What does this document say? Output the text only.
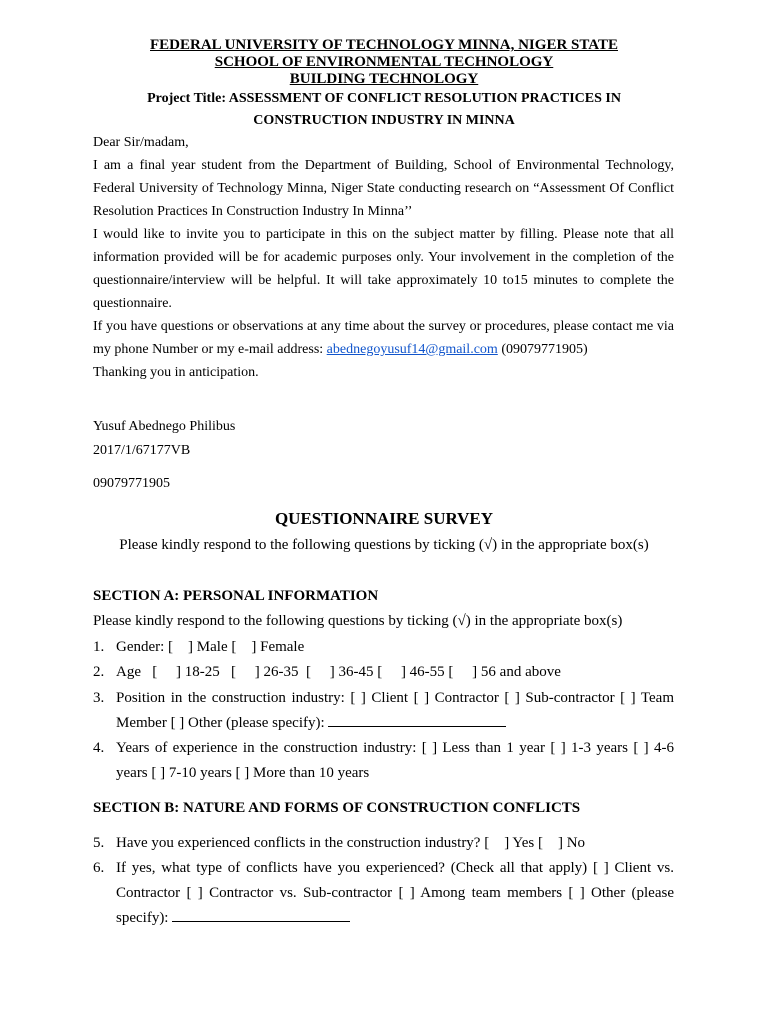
FEDERAL UNIVERSITY OF TECHNOLOGY MINNA, NIGER STATE
SCHOOL OF ENVIRONMENTAL TECHNOLOGY
BUILDING TECHNOLOGY
Project Title: ASSESSMENT OF CONFLICT RESOLUTION PRACTICES IN CONSTRUCTION INDUSTRY IN MINNA

Dear Sir/madam,

I am a final year student from the Department of Building, School of Environmental Technology, Federal University of Technology Minna, Niger State conducting research on “Assessment Of Conflict Resolution Practices In Construction Industry In Minna’’

I would like to invite you to participate in this on the subject matter by filling. Please note that all information provided will be for academic purposes only. Your involvement in the completion of the questionnaire/interview will be helpful. It will take approximately 10 to15 minutes to complete the questionnaire.

If you have questions or observations at any time about the survey or procedures, please contact me via my phone Number or my e-mail address: abednegoyusuf14@gmail.com (09079771905)

Thanking you in anticipation.

Yusuf Abednego Philibus
2017/1/67177VB
09079771905
QUESTIONNAIRE SURVEY
Please kindly respond to the following questions by ticking (√) in the appropriate box(s)
SECTION A: PERSONAL INFORMATION
Please kindly respond to the following questions by ticking (√) in the appropriate box(s)
1. Gender: [    ] Male [    ] Female
2. Age   [     ] 18-25   [     ] 26-35  [     ] 36-45 [     ] 46-55 [     ] 56 and above
3. Position in the construction industry: [ ] Client [ ] Contractor [ ] Sub-contractor [ ] Team Member [ ] Other (please specify):
4. Years of experience in the construction industry: [ ] Less than 1 year [ ] 1-3 years [ ] 4-6 years [ ] 7-10 years [ ] More than 10 years
SECTION B: NATURE AND FORMS OF CONSTRUCTION CONFLICTS
5. Have you experienced conflicts in the construction industry? [    ] Yes [    ] No
6. If yes, what type of conflicts have you experienced? (Check all that apply) [ ] Client vs. Contractor [ ] Contractor vs. Sub-contractor [ ] Among team members [ ] Other (please specify):
